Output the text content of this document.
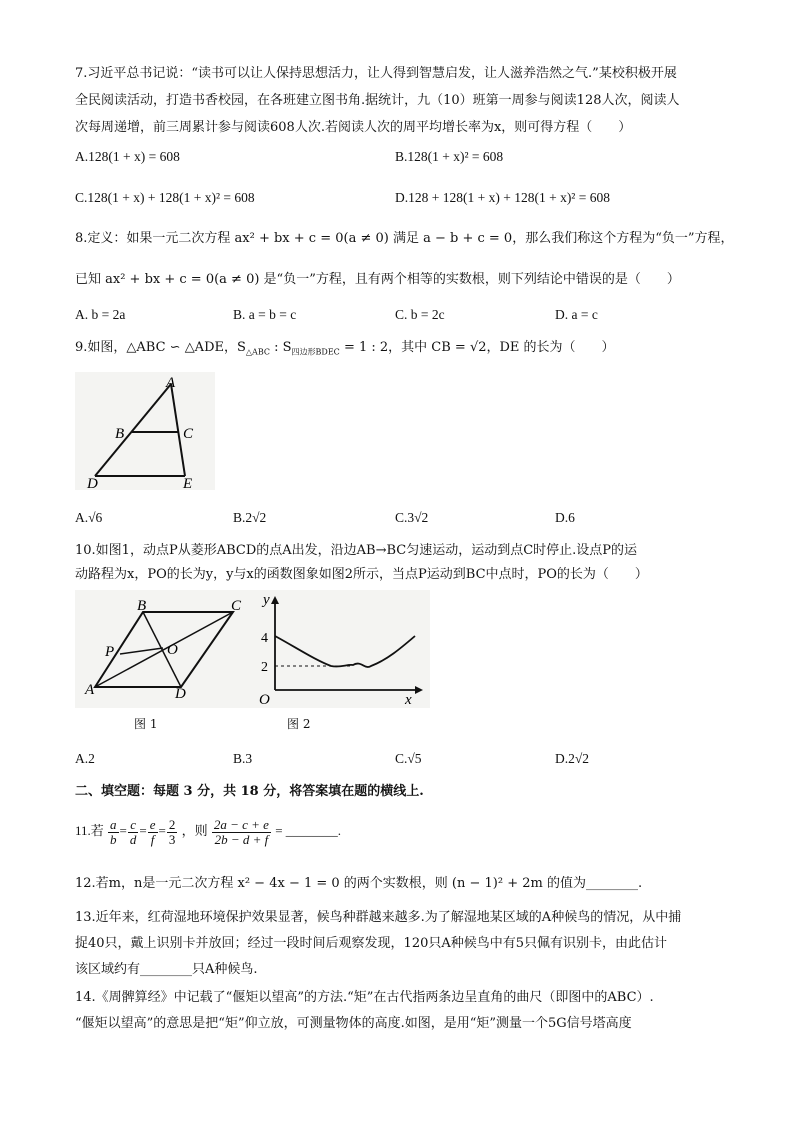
7.习近平总书记说：“读书可以让人保持思想活力，让人得到智慧启发，让人滋养浩然之气.”某校积极开展
全民阅读活动，打造书香校园，在各班建立图书角.据统计，九（10）班第一周参与阅读128人次，阅读人
次每周递增，前三周累计参与阅读608人次.若阅读人次的周平均增长率为x，则可得方程（　　）
A.128(1 + x) = 608	B.128(1 + x)² = 608
C.128(1 + x) + 128(1 + x)² = 608	D.128 + 128(1 + x) + 128(1 + x)² = 608
8.定义：如果一元二次方程 ax² + bx + c = 0(a ≠ 0) 满足 a − b + c = 0，那么我们称这个方程为“负一”方程，
已知 ax² + bx + c = 0(a ≠ 0) 是“负一”方程，且有两个相等的实数根，则下列结论中错误的是（　　）
A. b = 2a	B. a = b = c	C. b = 2c	D. a = c
9.如图，△ABC ∽ △ADE，$S_{\triangle ABC}$ : $S_{四边形BDEC} = 1$ : 2，其中 CB = √2，DE 的长为（　　）
A
B	C
D	E
A.√6	B.2√2	C.3√2	D.6
10.如图1，动点P从菱形ABCD的点A出发，沿边AB→BC匀速运动，运动到点C时停止.设点P的运
动路程为x，PO的长为y，y与x的函数图象如图2所示，当点P运动到BC中点时，PO的长为（　　）
B	C
P	O
A	D
y
4
2
O	x
图 1	图 2
A.2	B.3	C.√5	D.2√2
二、填空题：每题 3 分，共 18 分，将答案填在题的横线上.
11.若 $\frac{a}{b} = \frac{c}{d} = \frac{e}{f} = \frac{2}{3}$ ，则 $\frac{2a - c + e}{2b - d + f}$ = ________.
12.若m，n是一元二次方程 x² − 4x − 1 = 0 的两个实数根，则 (n − 1)² + 2m 的值为________.
13.近年来，红荷湿地环境保护效果显著，候鸟种群越来越多.为了解湿地某区域的A种候鸟的情况，从中捕
捉40只，戴上识别卡并放回；经过一段时间后观察发现，120只A种候鸟中有5只佩有识别卡，由此估计
该区域约有________只A种候鸟.
14.《周髀算经》中记载了“偃矩以望高”的方法.“矩”在古代指两条边呈直角的曲尺（即图中的ABC）.
“偃矩以望高”的意思是把“矩”仰立放，可测量物体的高度.如图，是用“矩”测量一个5G信号塔高度
